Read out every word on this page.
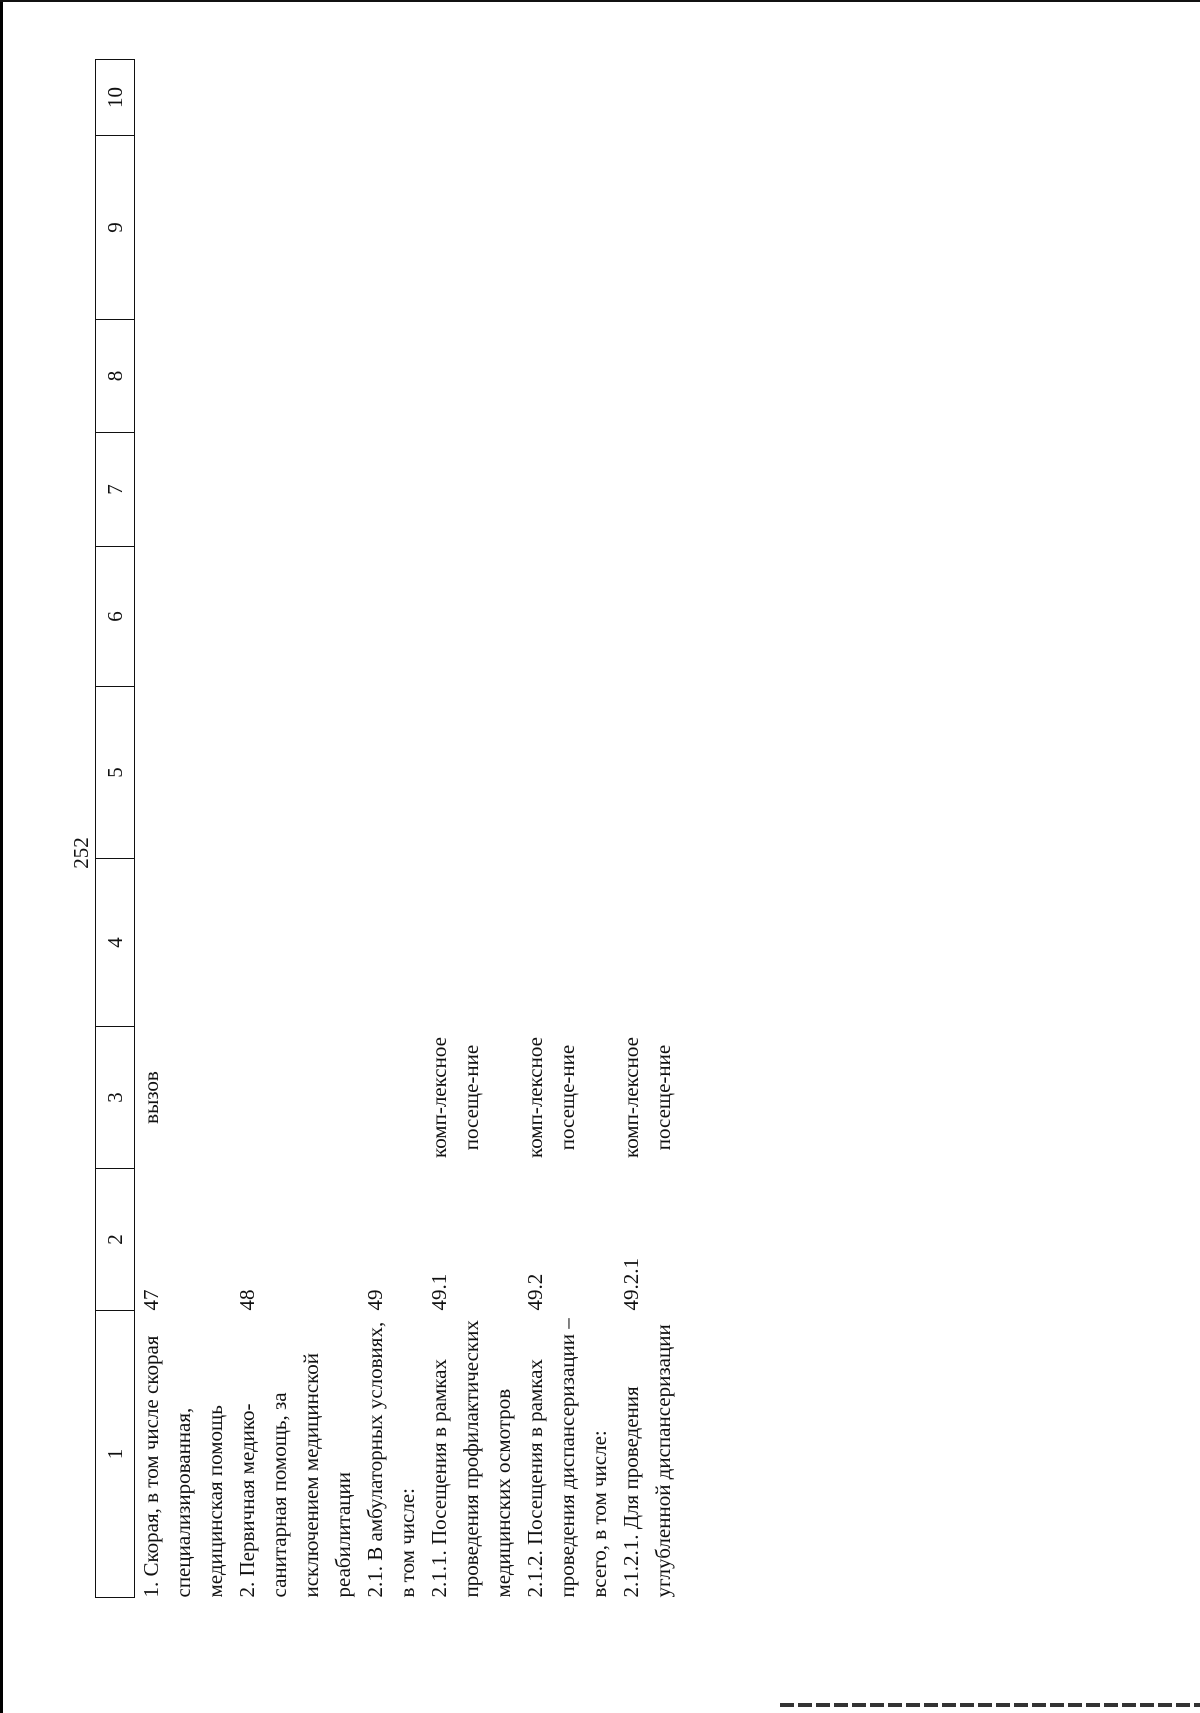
252
1	2	3	4	5	6	7	8	9	10
1. Скорая, в том числе скорая специализированная, медицинская помощь	47	вызов							
2. Первичная медико-санитарная помощь, за исключением медицинской реабилитации	48								
2.1. В амбулаторных условиях, в том числе:	49								
2.1.1. Посещения в рамках проведения профилактических медицинских осмотров	49.1	комп-лексное посеще-ние							
2.1.2. Посещения в рамках проведения диспансеризации – всего, в том числе:	49.2	комп-лексное посеще-ние							
2.1.2.1. Для проведения углубленной диспансеризации	49.2.1	комп-лексное посеще-ние							
